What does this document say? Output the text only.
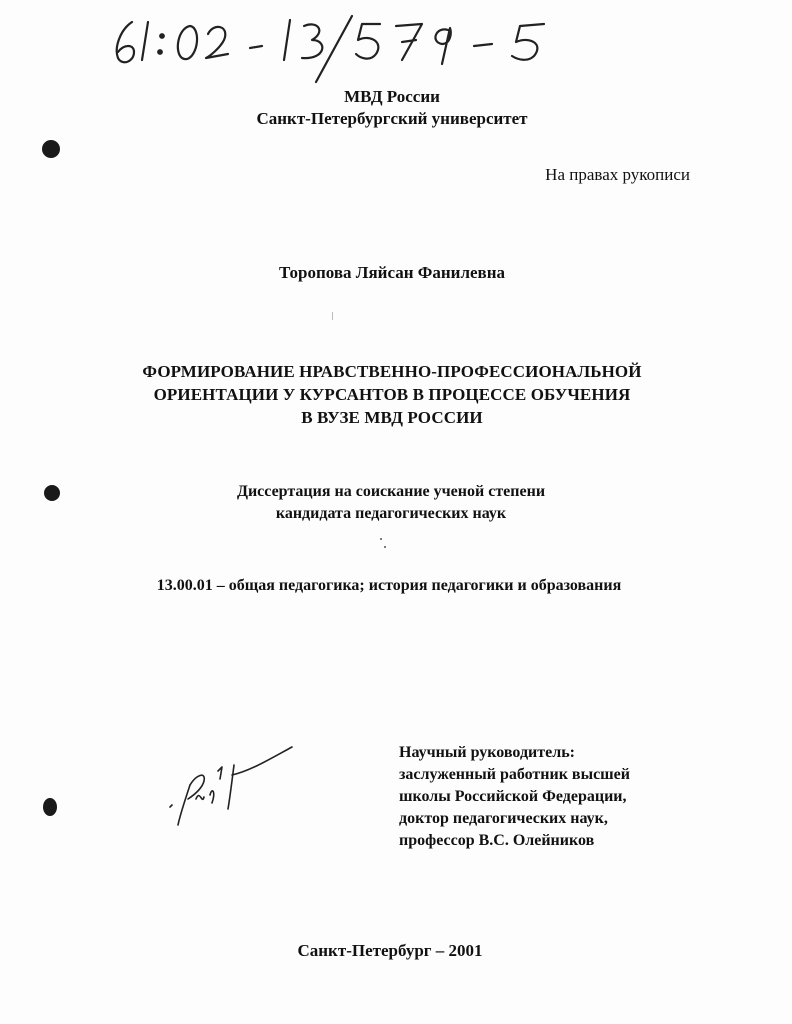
МВД России
Санкт-Петербургский университет
На правах рукописи
Торопова Ляйсан Фанилевна
ФОРМИРОВАНИЕ НРАВСТВЕННО-ПРОФЕССИОНАЛЬНОЙ
ОРИЕНТАЦИИ У КУРСАНТОВ В ПРОЦЕССЕ ОБУЧЕНИЯ
В ВУЗЕ МВД РОССИИ
Диссертация на соискание ученой степени
кандидата педагогических наук
13.00.01 – общая педагогика; история педагогики и образования
Научный руководитель:
заслуженный работник высшей
школы Российской Федерации,
доктор педагогических наук,
профессор В.С. Олейников
Санкт-Петербург – 2001
